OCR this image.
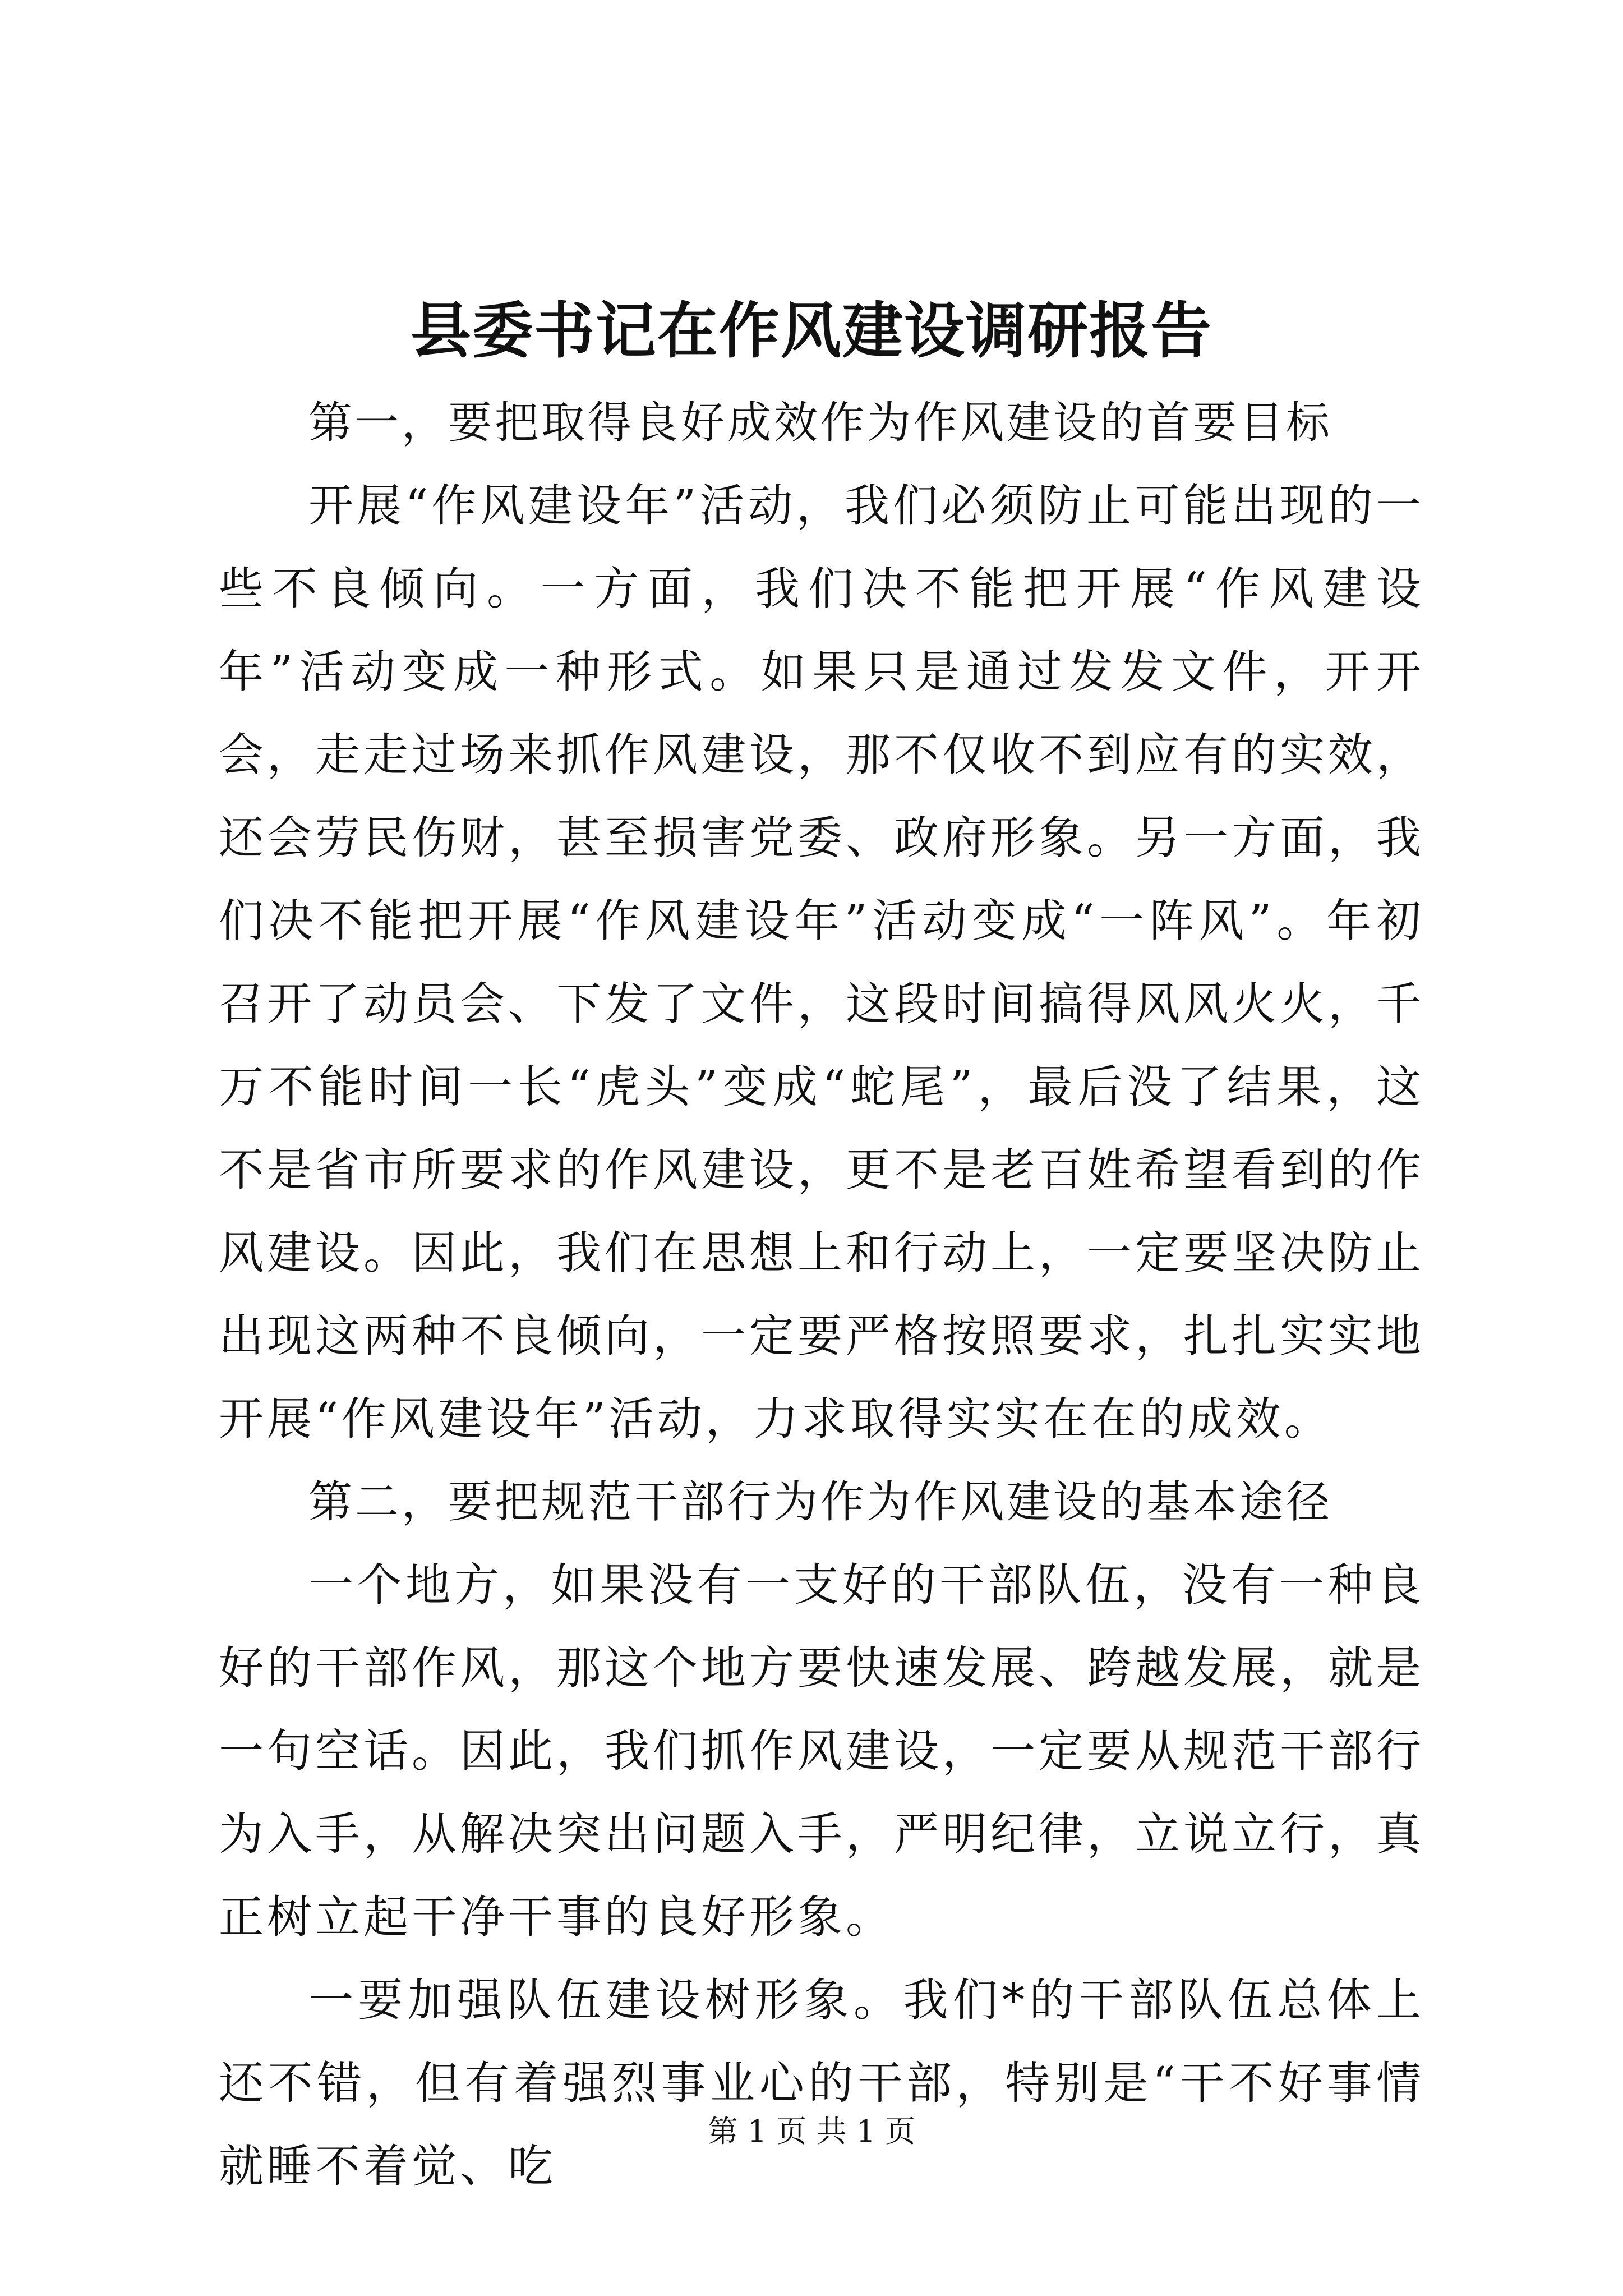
县委书记在作风建设调研报告

第一，要把取得良好成效作为作风建设的首要目标

开展“作风建设年”活动，我们必须防止可能出现的一些不良倾向。一方面，我们决不能把开展“作风建设年”活动变成一种形式。如果只是通过发发文件，开开会，走走过场来抓作风建设，那不仅收不到应有的实效，还会劳民伤财，甚至损害党委、政府形象。另一方面，我们决不能把开展“作风建设年”活动变成“一阵风”。年初召开了动员会、下发了文件，这段时间搞得风风火火，千万不能时间一长“虎头”变成“蛇尾”，最后没了结果，这不是省市所要求的作风建设，更不是老百姓希望看到的作风建设。因此，我们在思想上和行动上，一定要坚决防止出现这两种不良倾向，一定要严格按照要求，扎扎实实地开展“作风建设年”活动，力求取得实实在在的成效。

第二，要把规范干部行为作为作风建设的基本途径

一个地方，如果没有一支好的干部队伍，没有一种良好的干部作风，那这个地方要快速发展、跨越发展，就是一句空话。因此，我们抓作风建设，一定要从规范干部行为入手，从解决突出问题入手，严明纪律，立说立行，真正树立起干净干事的良好形象。

一要加强队伍建设树形象。我们*的干部队伍总体上还不错，但有着强烈事业心的干部，特别是“干不好事情就睡不着觉、吃

第 1 页 共 1 页
